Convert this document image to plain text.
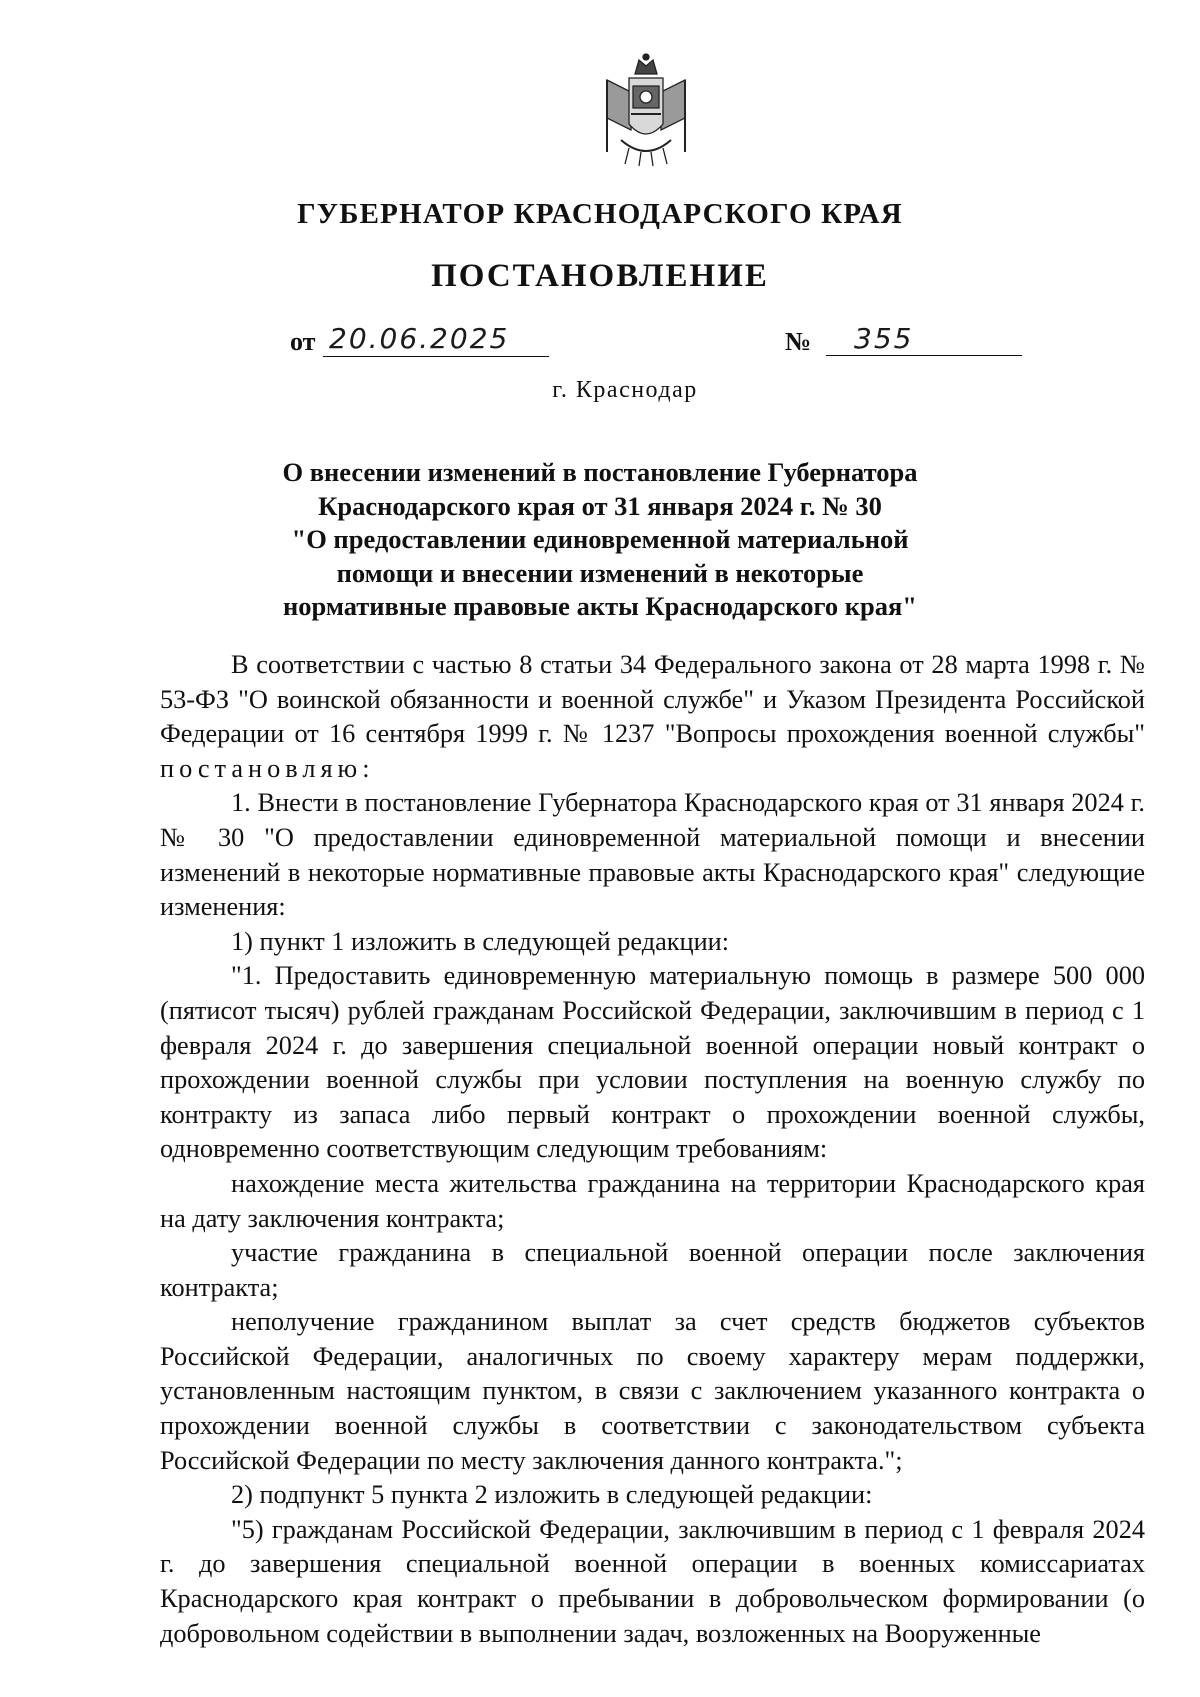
ГУБЕРНАТОР КРАСНОДАРСКОГО КРАЯ
ПОСТАНОВЛЕНИЕ
от 20.06.2025	№	355
г. Краснодар
О внесении изменений в постановление Губернатора
Краснодарского края от 31 января 2024 г. № 30
"О предоставлении единовременной материальной
помощи и внесении изменений в некоторые
нормативные правовые акты Краснодарского края"

В соответствии с частью 8 статьи 34 Федерального закона от 28 марта 1998 г. № 53-ФЗ "О воинской обязанности и военной службе" и Указом Президента Российской Федерации от 16 сентября 1999 г. № 1237 "Вопросы прохождения военной службы" постановляю:

1. Внести в постановление Губернатора Краснодарского края от 31 января 2024 г. № 30 "О предоставлении единовременной материальной помощи и внесении изменений в некоторые нормативные правовые акты Краснодарского края" следующие изменения:

1) пункт 1 изложить в следующей редакции:

"1. Предоставить единовременную материальную помощь в размере 500 000 (пятисот тысяч) рублей гражданам Российской Федерации, заключившим в период с 1 февраля 2024 г. до завершения специальной военной операции новый контракт о прохождении военной службы при условии поступления на военную службу по контракту из запаса либо первый контракт о прохождении военной службы, одновременно соответствующим следующим требованиям:

нахождение места жительства гражданина на территории Краснодарского края на дату заключения контракта;

участие гражданина в специальной военной операции после заключения контракта;

неполучение гражданином выплат за счет средств бюджетов субъектов Российской Федерации, аналогичных по своему характеру мерам поддержки, установленным настоящим пунктом, в связи с заключением указанного контракта о прохождении военной службы в соответствии с законодательством субъекта Российской Федерации по месту заключения данного контракта.";

2) подпункт 5 пункта 2 изложить в следующей редакции:

"5) гражданам Российской Федерации, заключившим в период с 1 февраля 2024 г. до завершения специальной военной операции в военных комиссариатах Краснодарского края контракт о пребывании в добровольческом формировании (о добровольном содействии в выполнении задач, возложенных на Вооруженные
